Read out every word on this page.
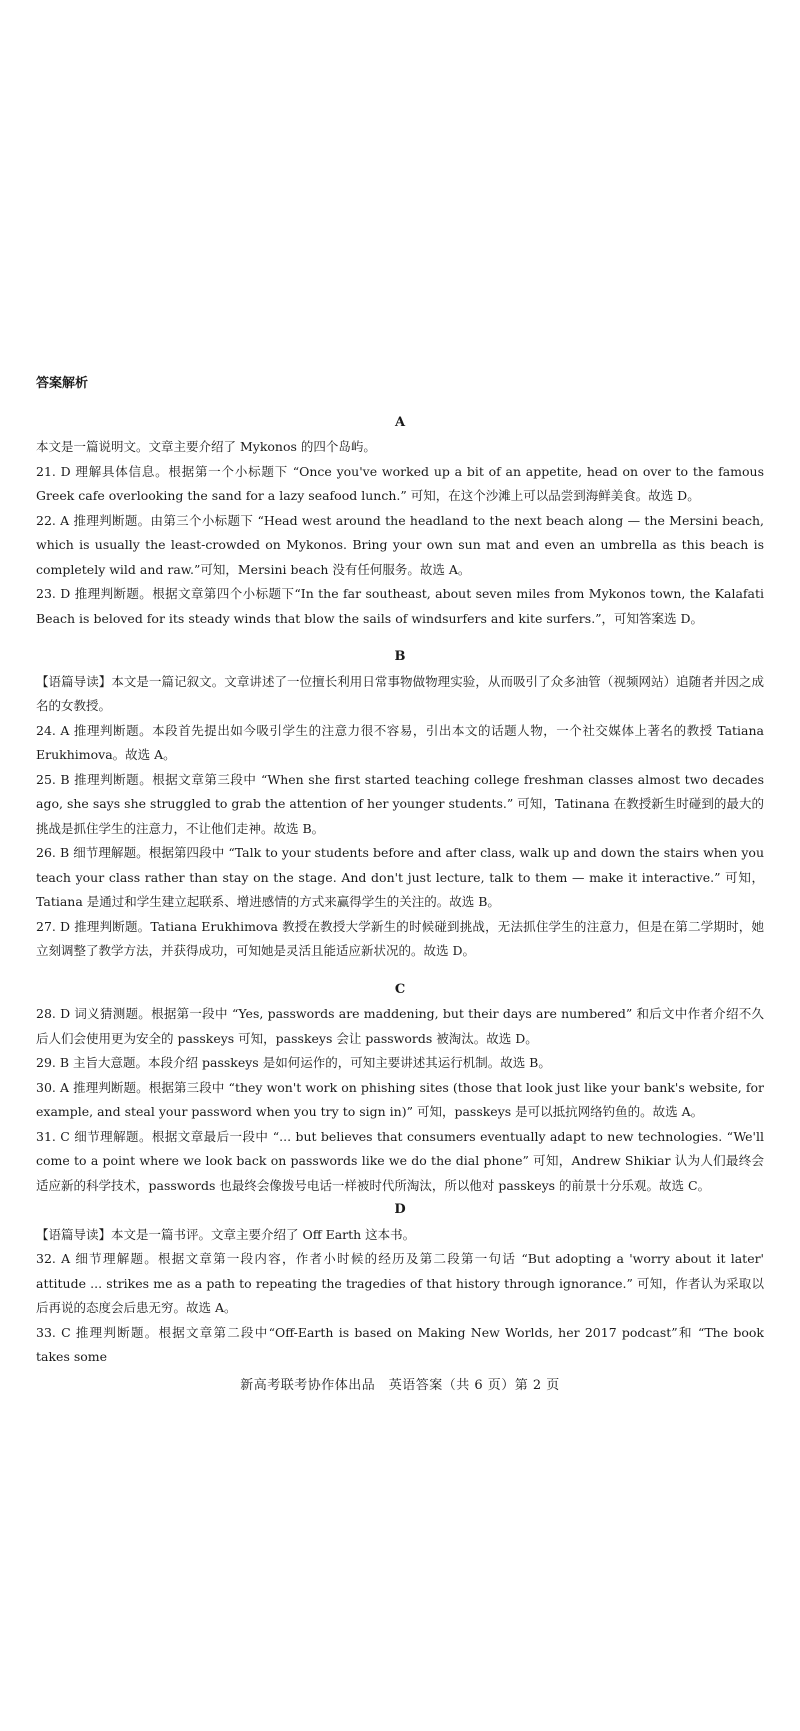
答案解析
A
本文是一篇说明文。文章主要介绍了 Mykonos 的四个岛屿。
21. D 理解具体信息。根据第一个小标题下 “Once you've worked up a bit of an appetite, head on over to the famous Greek cafe overlooking the sand for a lazy seafood lunch.” 可知，在这个沙滩上可以品尝到海鲜美食。故选 D。
22. A 推理判断题。由第三个小标题下 “Head west around the headland to the next beach along — the Mersini beach, which is usually the least-crowded on Mykonos. Bring your own sun mat and even an umbrella as this beach is completely wild and raw.”可知，Mersini beach 没有任何服务。故选 A。
23. D 推理判断题。根据文章第四个小标题下“In the far southeast, about seven miles from Mykonos town, the Kalafati Beach is beloved for its steady winds that blow the sails of windsurfers and kite surfers.”，可知答案选 D。
B
【语篇导读】本文是一篇记叙文。文章讲述了一位擅长利用日常事物做物理实验，从而吸引了众多油管（视频网站）追随者并因之成名的女教授。
24. A 推理判断题。本段首先提出如今吸引学生的注意力很不容易，引出本文的话题人物，一个社交媒体上著名的教授 Tatiana Erukhimova。故选 A。
25. B 推理判断题。根据文章第三段中 “When she first started teaching college freshman classes almost two decades ago, she says she struggled to grab the attention of her younger students.” 可知，Tatinana 在教授新生时碰到的最大的挑战是抓住学生的注意力，不让他们走神。故选 B。
26. B 细节理解题。根据第四段中 “Talk to your students before and after class, walk up and down the stairs when you teach your class rather than stay on the stage. And don't just lecture, talk to them — make it interactive.” 可知，Tatiana 是通过和学生建立起联系、增进感情的方式来赢得学生的关注的。故选 B。
27. D 推理判断题。Tatiana Erukhimova 教授在教授大学新生的时候碰到挑战，无法抓住学生的注意力，但是在第二学期时，她立刻调整了教学方法，并获得成功，可知她是灵活且能适应新状况的。故选 D。
C
28. D 词义猜测题。根据第一段中 “Yes, passwords are maddening, but their days are numbered” 和后文中作者介绍不久后人们会使用更为安全的 passkeys 可知，passkeys 会让 passwords 被淘汰。故选 D。
29. B 主旨大意题。本段介绍 passkeys 是如何运作的，可知主要讲述其运行机制。故选 B。
30. A 推理判断题。根据第三段中 “they won't work on phishing sites (those that look just like your bank's website, for example, and steal your password when you try to sign in)” 可知，passkeys 是可以抵抗网络钓鱼的。故选 A。
31. C 细节理解题。根据文章最后一段中 “... but believes that consumers eventually adapt to new technologies. “We'll come to a point where we look back on passwords like we do the dial phone” 可知，Andrew Shikiar 认为人们最终会适应新的科学技术，passwords 也最终会像拨号电话一样被时代所淘汰，所以他对 passkeys 的前景十分乐观。故选 C。
D
【语篇导读】本文是一篇书评。文章主要介绍了 Off Earth 这本书。
32. A 细节理解题。根据文章第一段内容，作者小时候的经历及第二段第一句话 “But adopting a 'worry about it later' attitude ... strikes me as a path to repeating the tragedies of that history through ignorance.” 可知，作者认为采取以后再说的态度会后患无穷。故选 A。
33. C 推理判断题。根据文章第二段中“Off-Earth is based on Making New Worlds, her 2017 podcast”和 “The book takes some
新高考联考协作体出品　英语答案（共 6 页）第 2 页
